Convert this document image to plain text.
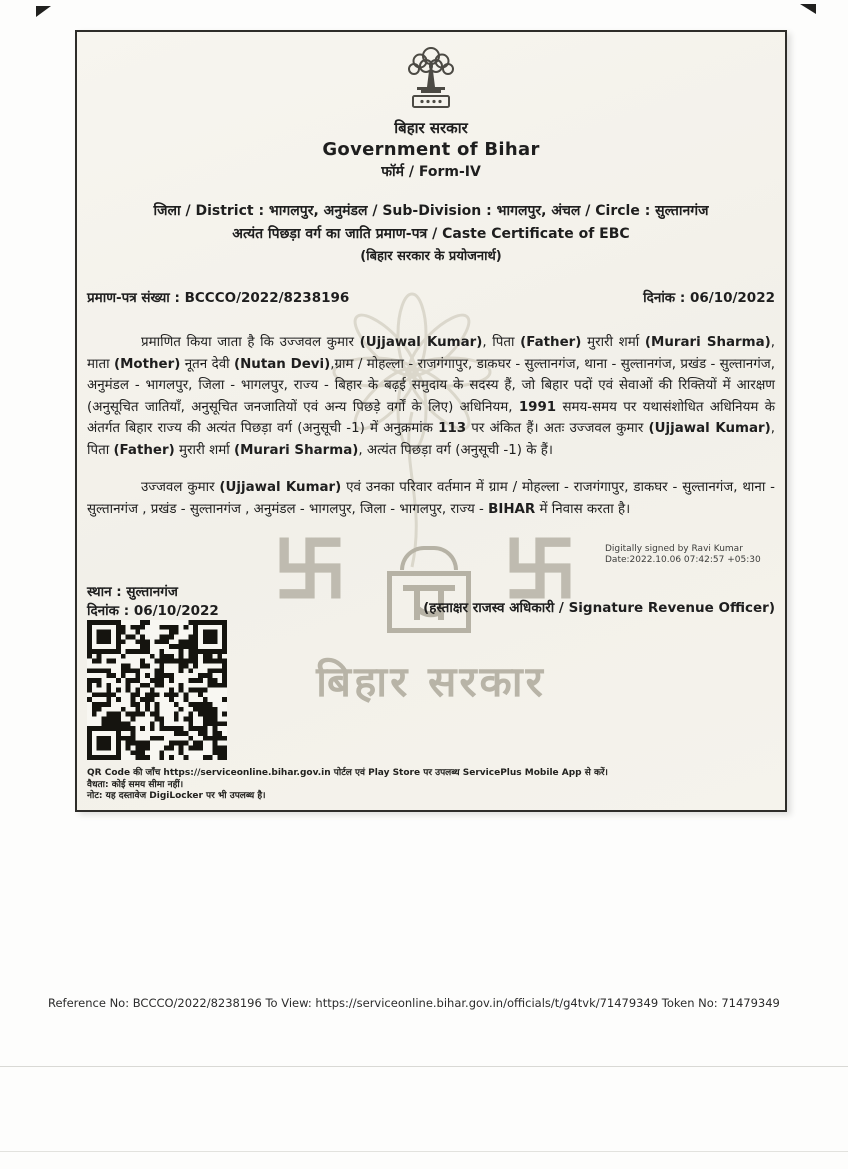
बिहार सरकार
बिहार सरकार
Government of Bihar
फॉर्म / Form-IV
जिला / District : भागलपुर, अनुमंडल / Sub-Division : भागलपुर, अंचल / Circle : सुल्तानगंज
अत्यंत पिछड़ा वर्ग का जाति प्रमाण-पत्र / Caste Certificate of EBC
(बिहार सरकार के प्रयोजनार्थ)
प्रमाण-पत्र संख्या : BCCCO/2022/8238196	दिनांक : 06/10/2022
प्रमाणित किया जाता है कि उज्जवल कुमार (Ujjawal Kumar), पिता (Father) मुरारी शर्मा (Murari Sharma), माता (Mother) नूतन देवी (Nutan Devi),ग्राम / मोहल्ला - राजगंगापुर, डाकघर - सुल्तानगंज, थाना - सुल्तानगंज, प्रखंड - सुल्तानगंज, अनुमंडल - भागलपुर, जिला - भागलपुर, राज्य - बिहार के बढ़ई समुदाय के सदस्य हैं, जो बिहार पदों एवं सेवाओं की रिक्तियों में आरक्षण (अनुसूचित जातियाँ, अनुसूचित जनजातियों एवं अन्य पिछड़े वर्गों के लिए) अधिनियम, 1991 समय-समय पर यथासंशोधित अधिनियम के अंतर्गत बिहार राज्य की अत्यंत पिछड़ा वर्ग (अनुसूची -1) में अनुक्रमांक 113 पर अंकित हैं। अतः उज्जवल कुमार (Ujjawal Kumar), पिता (Father) मुरारी शर्मा (Murari Sharma), अत्यंत पिछड़ा वर्ग (अनुसूची -1) के हैं।
उज्जवल कुमार (Ujjawal Kumar) एवं उनका परिवार वर्तमान में ग्राम / मोहल्ला - राजगंगापुर, डाकघर - सुल्तानगंज, थाना - सुल्तानगंज , प्रखंड - सुल्तानगंज , अनुमंडल - भागलपुर, जिला - भागलपुर, राज्य - BIHAR में निवास करता है।
Digitally signed by Ravi Kumar
Date:2022.10.06 07:42:57 +05:30
स्थान : सुल्तानगंज
दिनांक : 06/10/2022	(हस्ताक्षर राजस्व अधिकारी / Signature Revenue Officer)
QR Code की जाँच https://serviceonline.bihar.gov.in पोर्टल एवं Play Store पर उपलब्ध ServicePlus Mobile App से करें।
वैधता: कोई समय सीमा नहीं।
नोट: यह दस्तावेज DigiLocker पर भी उपलब्ध है।
Reference No: BCCCO/2022/8238196 To View: https://serviceonline.bihar.gov.in/officials/t/g4tvk/71479349 Token No: 71479349
